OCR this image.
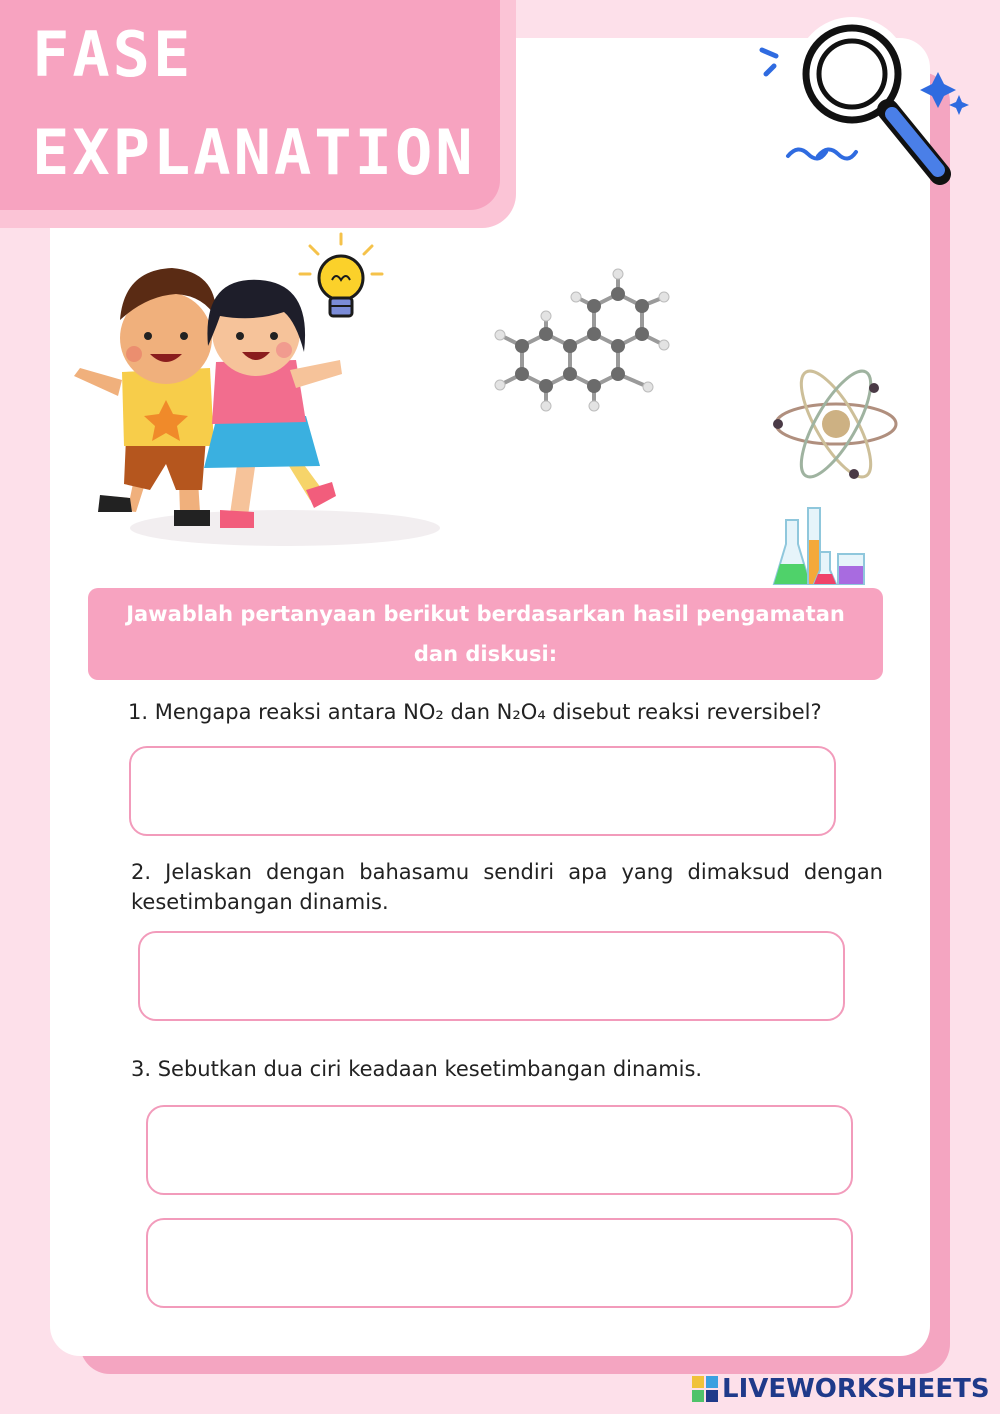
FASE
EXPLANATION
Jawablah pertanyaan berikut berdasarkan hasil pengamatan dan diskusi:
1. Mengapa reaksi antara NO₂ dan N₂O₄ disebut reaksi reversibel?
2. Jelaskan dengan bahasamu sendiri apa yang dimaksud dengan kesetimbangan dinamis.
3. Sebutkan dua ciri keadaan kesetimbangan dinamis.
LIVEWORKSHEETS
